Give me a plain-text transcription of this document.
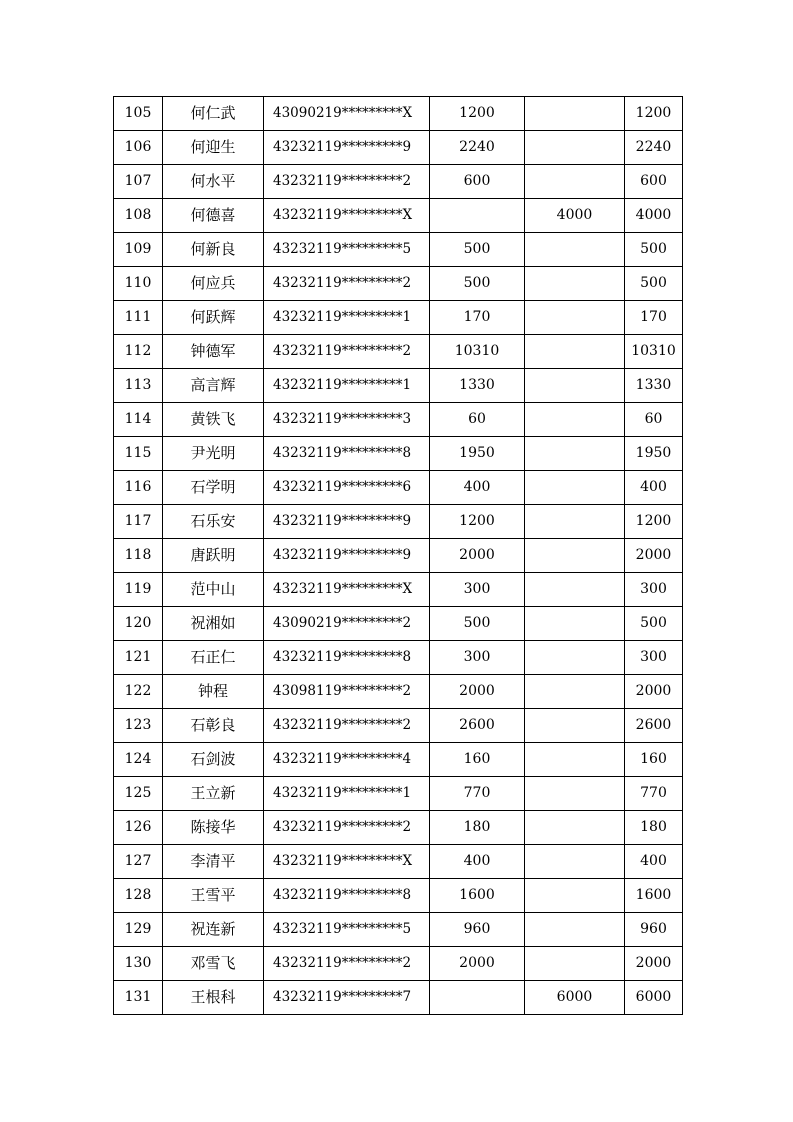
105	何仁武	43090219*********X	1200		1200
106	何迎生	43232119*********9	2240		2240
107	何水平	43232119*********2	600		600
108	何德喜	43232119*********X		4000	4000
109	何新良	43232119*********5	500		500
110	何应兵	43232119*********2	500		500
111	何跃辉	43232119*********1	170		170
112	钟德军	43232119*********2	10310		10310
113	高言辉	43232119*********1	1330		1330
114	黄铁飞	43232119*********3	60		60
115	尹光明	43232119*********8	1950		1950
116	石学明	43232119*********6	400		400
117	石乐安	43232119*********9	1200		1200
118	唐跃明	43232119*********9	2000		2000
119	范中山	43232119*********X	300		300
120	祝湘如	43090219*********2	500		500
121	石正仁	43232119*********8	300		300
122	钟程	43098119*********2	2000		2000
123	石彰良	43232119*********2	2600		2600
124	石剑波	43232119*********4	160		160
125	王立新	43232119*********1	770		770
126	陈接华	43232119*********2	180		180
127	李清平	43232119*********X	400		400
128	王雪平	43232119*********8	1600		1600
129	祝连新	43232119*********5	960		960
130	邓雪飞	43232119*********2	2000		2000
131	王根科	43232119*********7		6000	6000
